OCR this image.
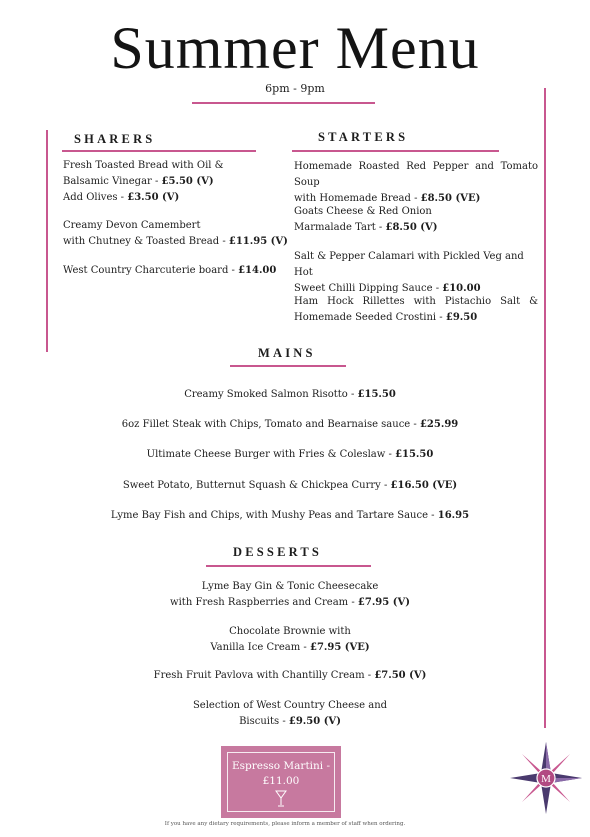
Summer Menu
6pm - 9pm
SHARERS
Fresh Toasted Bread with Oil &
Balsamic Vinegar - £5.50 (V)
Add Olives - £3.50 (V)
Creamy Devon Camembert
with Chutney & Toasted Bread - £11.95 (V)
West Country Charcuterie board - £14.00
STARTERS
Homemade Roasted Red Pepper and Tomato Soup
with Homemade Bread - £8.50 (VE)
Goats Cheese & Red Onion
Marmalade Tart - £8.50 (V)
Salt & Pepper Calamari with Pickled Veg and Hot
Sweet Chilli Dipping Sauce - £10.00
Ham Hock Rillettes with Pistachio Salt &
Homemade Seeded Crostini - £9.50
MAINS
Creamy Smoked Salmon Risotto - £15.50
6oz Fillet Steak with Chips, Tomato and Bearnaise sauce - £25.99
Ultimate Cheese Burger with Fries & Coleslaw - £15.50
Sweet Potato, Butternut Squash & Chickpea Curry - £16.50 (VE)
Lyme Bay Fish and Chips, with Mushy Peas and Tartare Sauce - 16.95
DESSERTS
Lyme Bay Gin & Tonic Cheesecake
with Fresh Raspberries and Cream - £7.95 (V)
Chocolate Brownie with
Vanilla Ice Cream - £7.95 (VE)
Fresh Fruit Pavlova with Chantilly Cream - £7.50 (V)
Selection of West Country Cheese and
Biscuits - £9.50 (V)
Espresso Martini -
£11.00	M
If you have any dietary requirements, please inform a member of staff when ordering.
